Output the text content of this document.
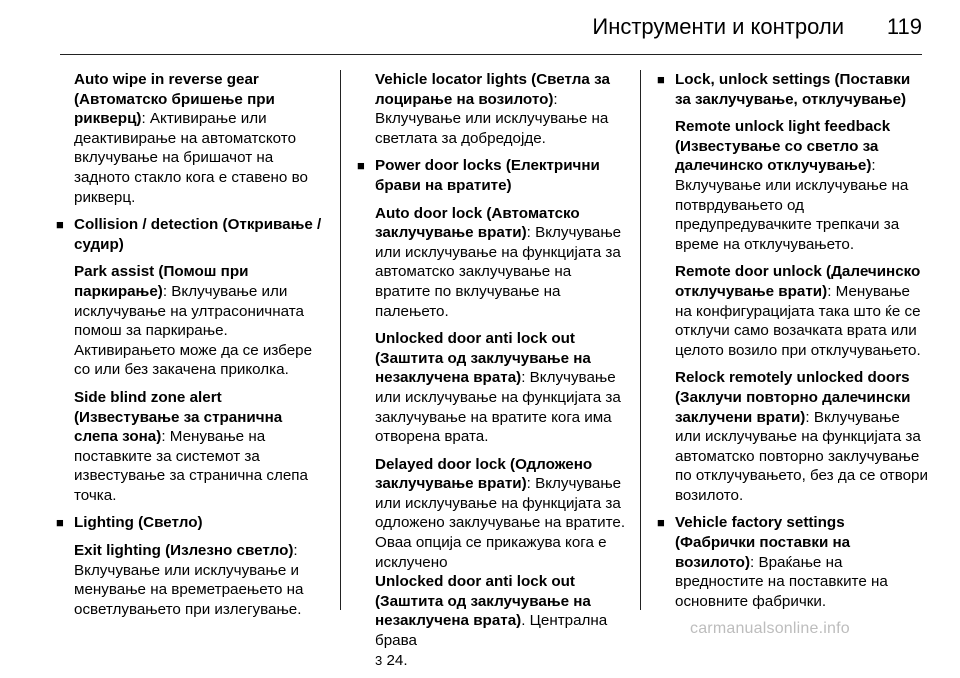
Инструменти и контроли 119
Auto wipe in reverse gear (Автоматско бришење при рикверц): Активирање или деактивирање на автоматското вклучување на бришачот на задното стакло кога е ставено во рикверц.
■ Collision / detection (Откривање / судир)
Park assist (Помош при паркирање): Вклучување или исклучување на ултрасоничната помош за паркирање. Активирањето може да се избере со или без закачена приколка.
Side blind zone alert (Известување за странична слепа зона): Менување на поставките за системот за известување за странична слепа точка.
■ Lighting (Светло)
Exit lighting (Излезно светло): Вклучување или исклучување и менување на времетраењето на осветлувањето при излегување.
Vehicle locator lights (Светла за лоцирање на возилото): Вклучување или исклучување на светлата за добредојде.
■ Power door locks (Електрични брави на вратите)
Auto door lock (Автоматско заклучување врати): Вклучување или исклучување на функцијата за автоматско заклучување на вратите по вклучување на палењето.
Unlocked door anti lock out (Заштита од заклучување на незаклучена врата): Вклучување или исклучување на функцијата за заклучување на вратите кога има отворена врата.
Delayed door lock (Одложено заклучување врати): Вклучување или исклучување на функцијата за одложено заклучување на вратите. Оваа опција се прикажува кога е исклучено
Unlocked door anti lock out (Заштита од заклучување на незаклучена врата). Централна брава
3 24.
■ Lock, unlock settings (Поставки за заклучување, отклучување)
Remote unlock light feedback (Известување со светло за далечинско отклучување): Вклучување или исклучување на потврдувањето од предупредувачките трепкачи за време на отклучувањето.
Remote door unlock (Далечинско отклучување врати): Менување на конфигурацијата така што ќе се отклучи само возачката врата или целото возило при отклучувањето.
Relock remotely unlocked doors (Заклучи повторно далечински заклучени врати): Вклучување или исклучување на функцијата за автоматско повторно заклучување по отклучувањето, без да се отвори возилото.
■ Vehicle factory settings (Фабрички поставки на возилото): Враќање на вредностите на поставките на основните фабрички.
carmanualsonline.info
